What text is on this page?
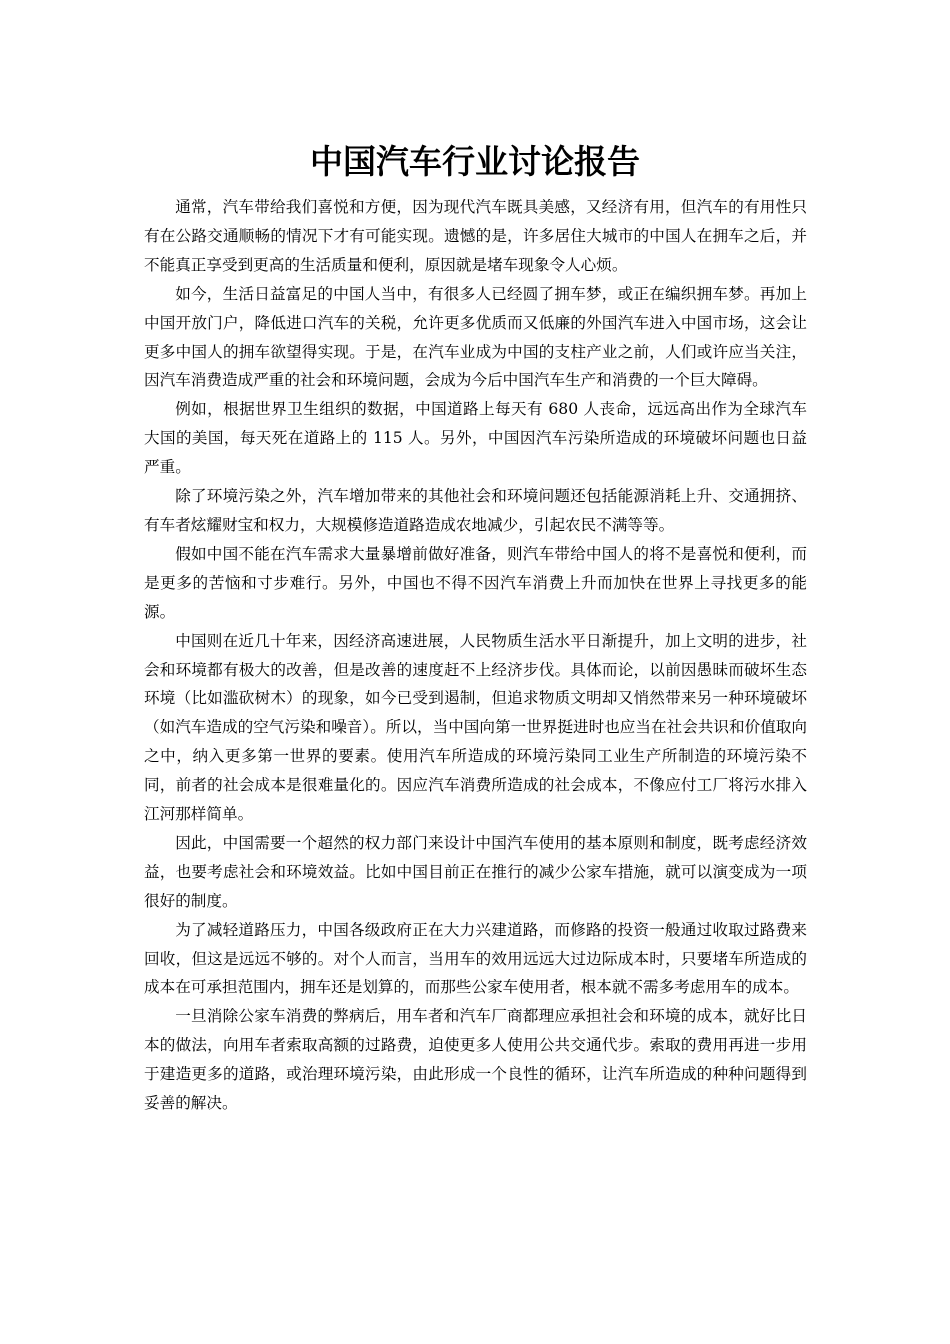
中国汽车行业讨论报告

通常，汽车带给我们喜悦和方便，因为现代汽车既具美感，又经济有用，但汽车的有用性只有在公路交通顺畅的情况下才有可能实现。遗憾的是，许多居住大城市的中国人在拥车之后，并不能真正享受到更高的生活质量和便利，原因就是堵车现象令人心烦。

如今，生活日益富足的中国人当中，有很多人已经圆了拥车梦，或正在编织拥车梦。再加上中国开放门户，降低进口汽车的关税，允许更多优质而又低廉的外国汽车进入中国市场，这会让更多中国人的拥车欲望得实现。于是，在汽车业成为中国的支柱产业之前，人们或许应当关注，因汽车消费造成严重的社会和环境问题，会成为今后中国汽车生产和消费的一个巨大障碍。

例如，根据世界卫生组织的数据，中国道路上每天有 680 人丧命，远远高出作为全球汽车大国的美国，每天死在道路上的 115 人。另外，中国因汽车污染所造成的环境破坏问题也日益严重。

除了环境污染之外，汽车增加带来的其他社会和环境问题还包括能源消耗上升、交通拥挤、有车者炫耀财宝和权力，大规模修造道路造成农地减少，引起农民不满等等。

假如中国不能在汽车需求大量暴增前做好准备，则汽车带给中国人的将不是喜悦和便利，而是更多的苦恼和寸步难行。另外，中国也不得不因汽车消费上升而加快在世界上寻找更多的能源。

中国则在近几十年来，因经济高速进展，人民物质生活水平日渐提升，加上文明的进步，社会和环境都有极大的改善，但是改善的速度赶不上经济步伐。具体而论，以前因愚昧而破坏生态环境（比如滥砍树木）的现象，如今已受到遏制，但追求物质文明却又悄然带来另一种环境破坏（如汽车造成的空气污染和噪音）。所以，当中国向第一世界挺进时也应当在社会共识和价值取向之中，纳入更多第一世界的要素。使用汽车所造成的环境污染同工业生产所制造的环境污染不同，前者的社会成本是很难量化的。因应汽车消费所造成的社会成本，不像应付工厂将污水排入江河那样简单。

因此，中国需要一个超然的权力部门来设计中国汽车使用的基本原则和制度，既考虑经济效益，也要考虑社会和环境效益。比如中国目前正在推行的减少公家车措施，就可以演变成为一项很好的制度。

为了减轻道路压力，中国各级政府正在大力兴建道路，而修路的投资一般通过收取过路费来回收，但这是远远不够的。对个人而言，当用车的效用远远大过边际成本时，只要堵车所造成的成本在可承担范围内，拥车还是划算的，而那些公家车使用者，根本就不需多考虑用车的成本。

一旦消除公家车消费的弊病后，用车者和汽车厂商都理应承担社会和环境的成本，就好比日本的做法，向用车者索取高额的过路费，迫使更多人使用公共交通代步。索取的费用再进一步用于建造更多的道路，或治理环境污染，由此形成一个良性的循环，让汽车所造成的种种问题得到妥善的解决。
